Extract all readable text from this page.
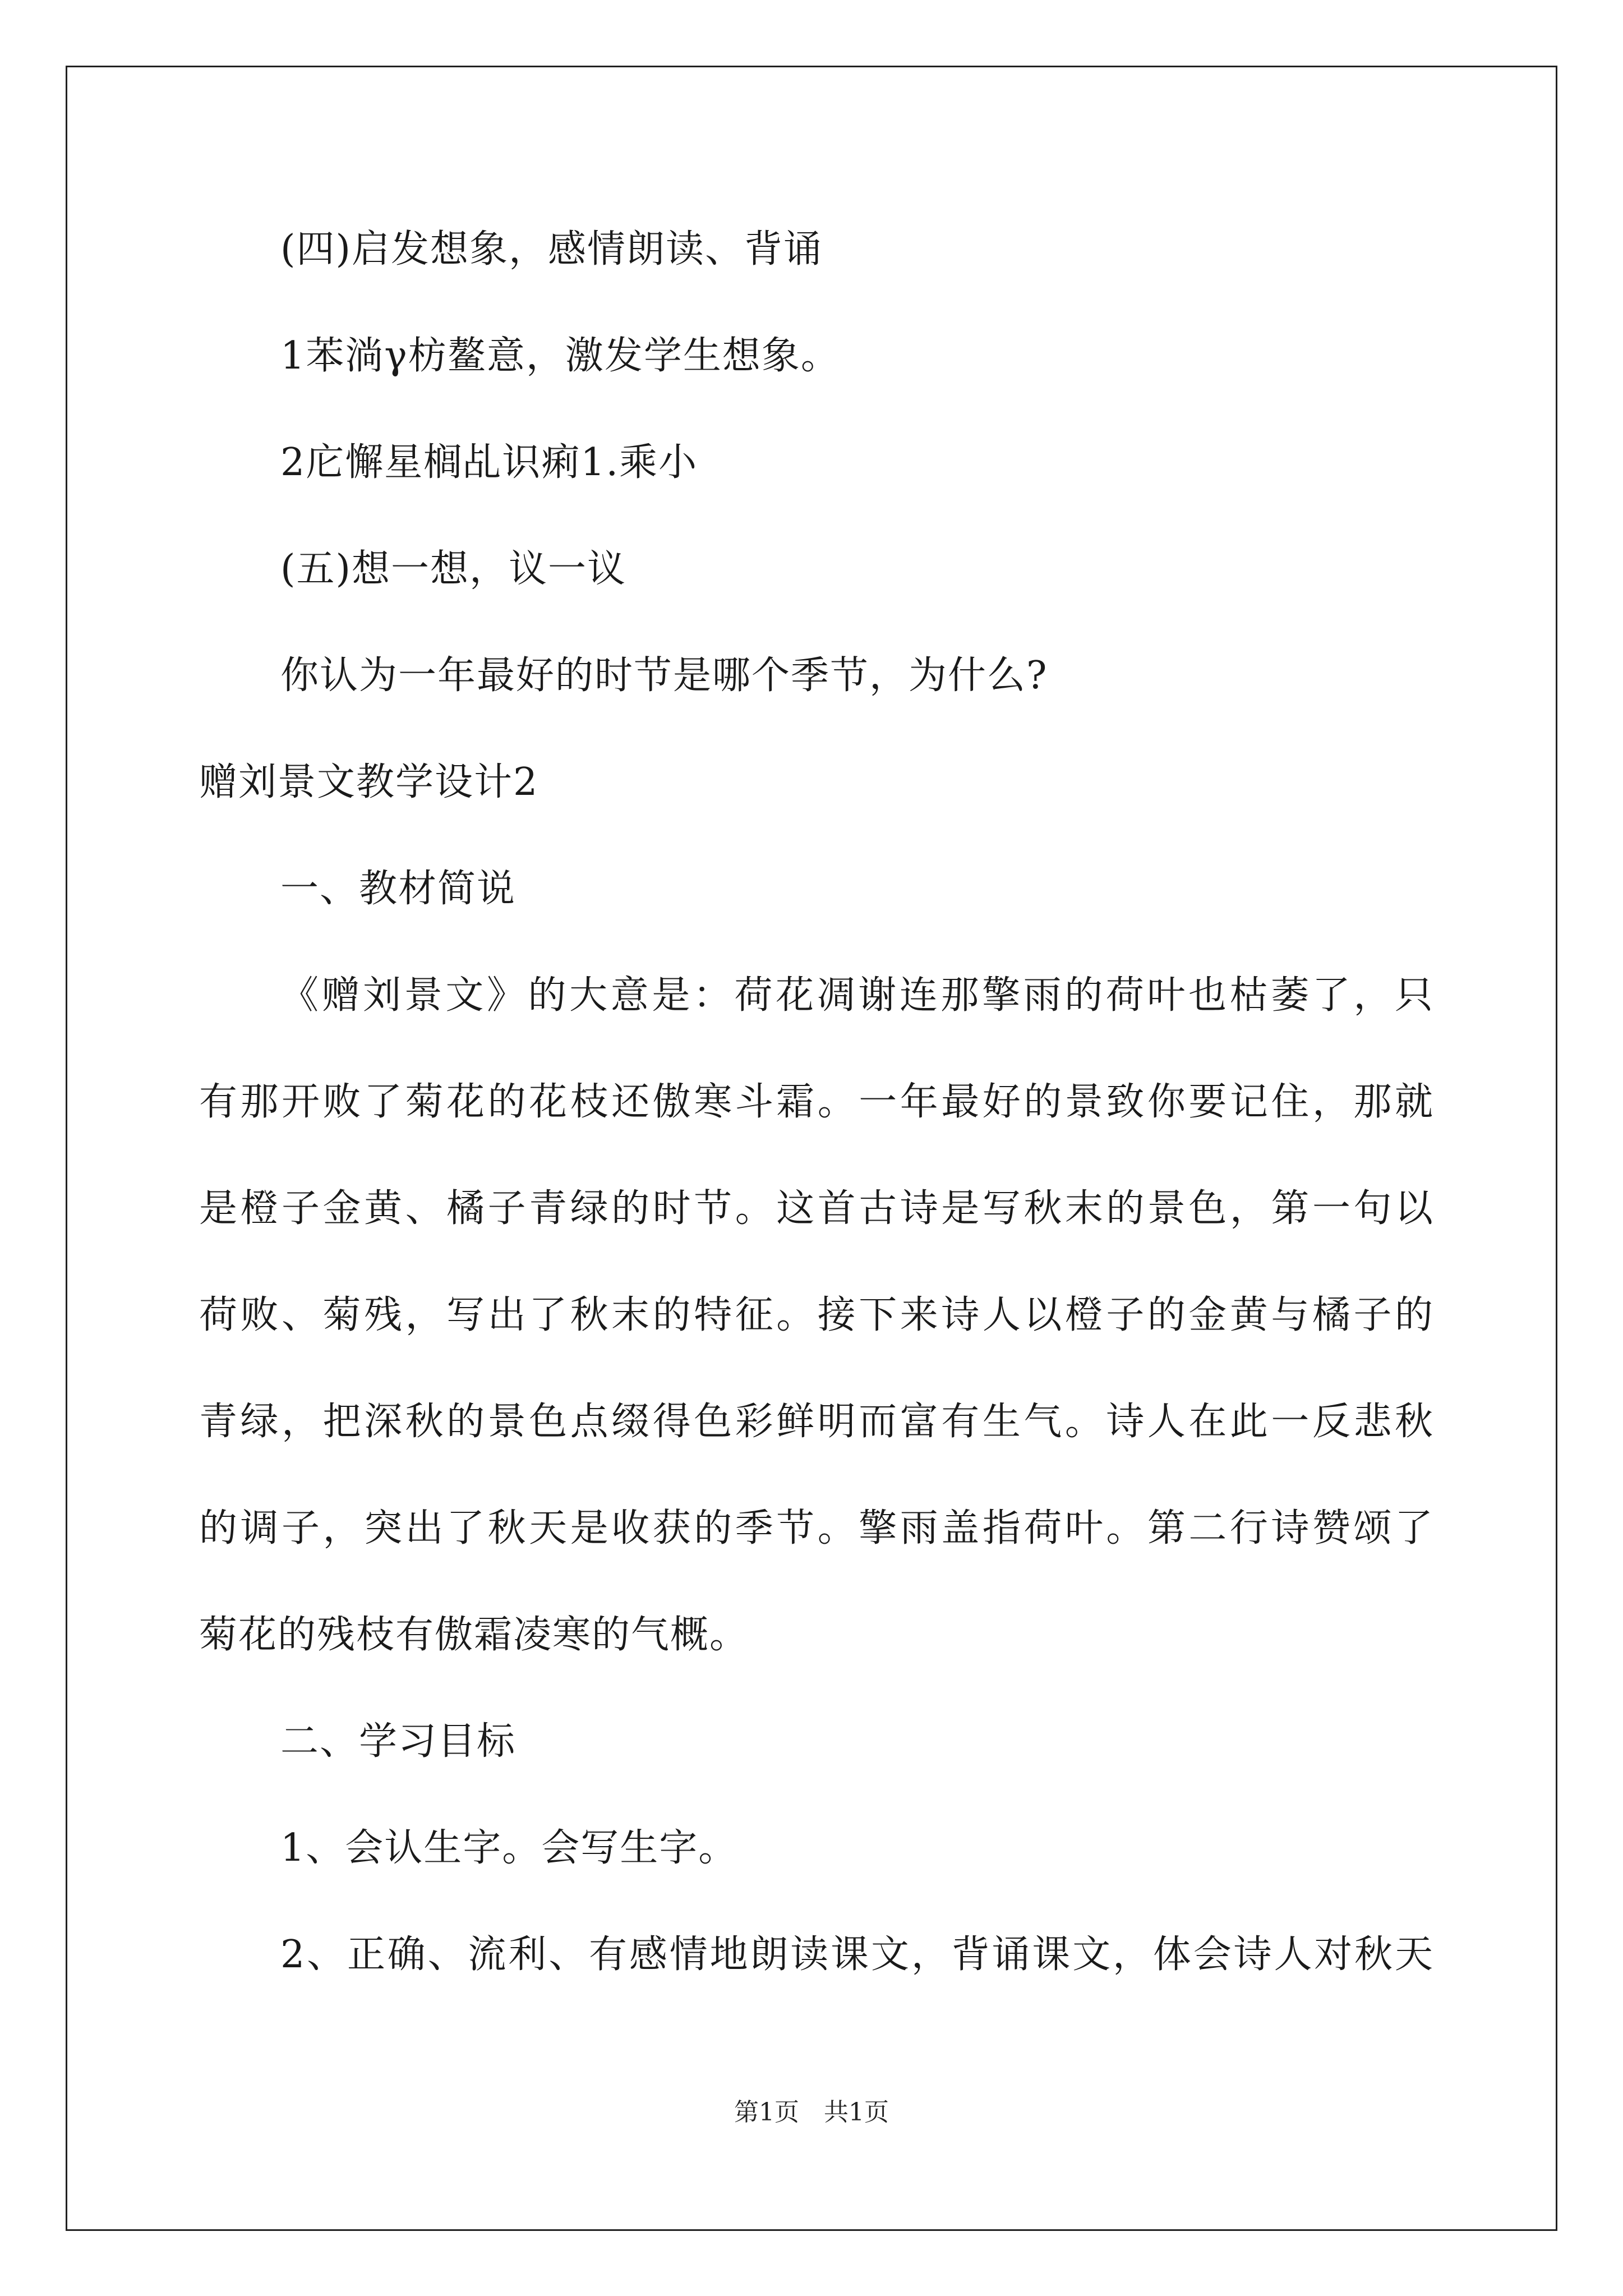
(四)启发想象，感情朗读、背诵
1苯淌γ枋鳌意，激发学生想象。
2庀懈星榈乩识痢1.乘小
(五)想一想，议一议
你认为一年最好的时节是哪个季节，为什么?
赠刘景文教学设计2
一、教材简说
《赠刘景文》的大意是：荷花凋谢连那擎雨的荷叶也枯萎了，只
有那开败了菊花的花枝还傲寒斗霜。一年最好的景致你要记住，那就
是橙子金黄、橘子青绿的时节。这首古诗是写秋末的景色，第一句以
荷败、菊残，写出了秋末的特征。接下来诗人以橙子的金黄与橘子的
青绿，把深秋的景色点缀得色彩鲜明而富有生气。诗人在此一反悲秋
的调子，突出了秋天是收获的季节。擎雨盖指荷叶。第二行诗赞颂了
菊花的残枝有傲霜凌寒的气概。
二、学习目标
1、会认生字。会写生字。
2、正确、流利、有感情地朗读课文，背诵课文，体会诗人对秋天
第1页　共1页
